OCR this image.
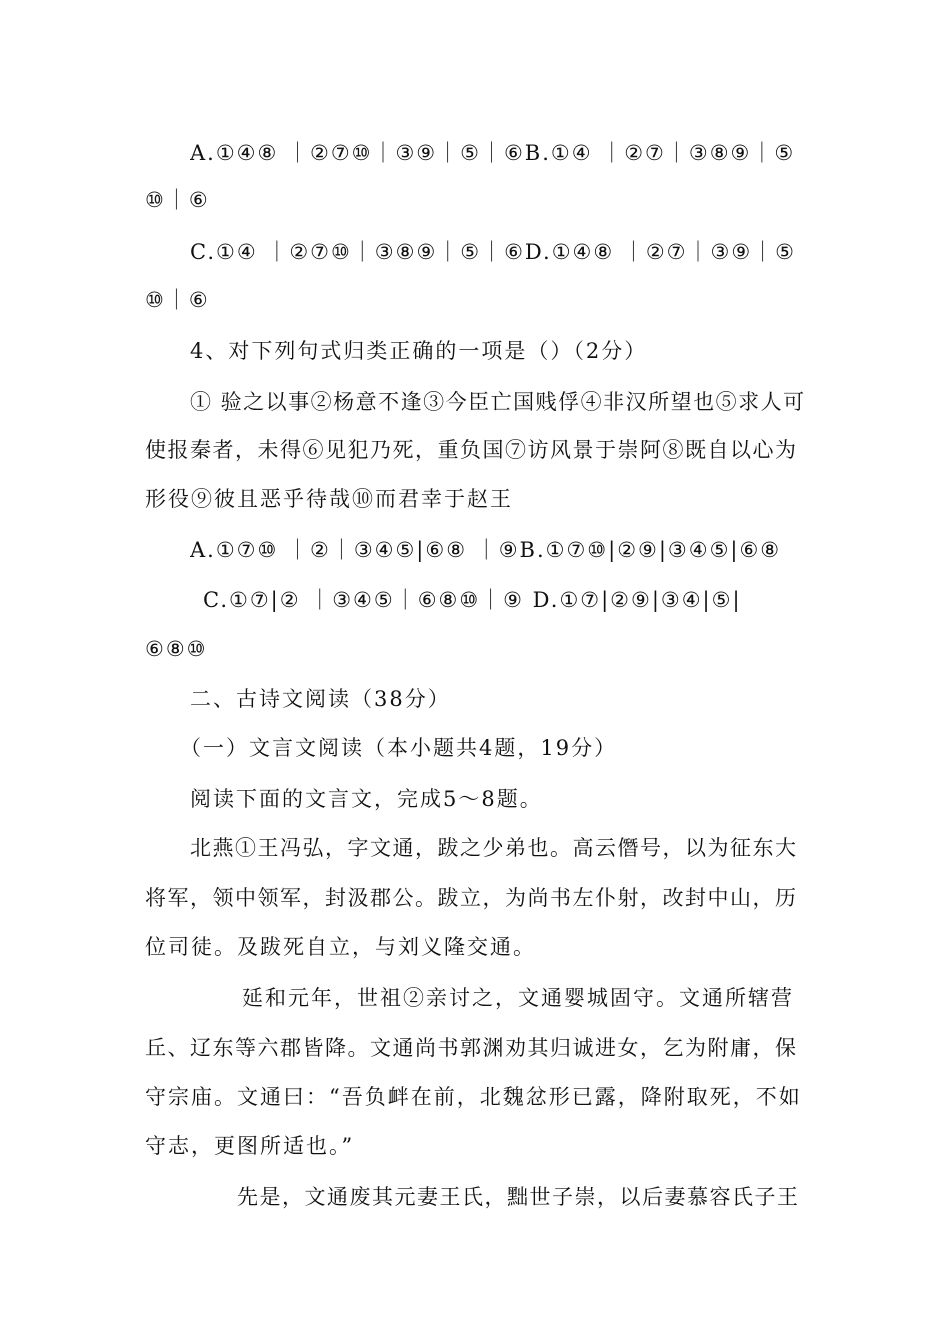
A.①④⑧ ｜②⑦⑩｜③⑨｜⑤｜⑥B.①④ ｜②⑦｜③⑧⑨｜⑤
⑩｜⑥
C.①④ ｜②⑦⑩｜③⑧⑨｜⑤｜⑥D.①④⑧ ｜②⑦｜③⑨｜⑤
⑩｜⑥
4、对下列句式归类正确的一项是（）（2分）
① 验之以事②杨意不逢③今臣亡国贱俘④非汉所望也⑤求人可
使报秦者，未得⑥见犯乃死，重负国⑦访风景于崇阿⑧既自以心为
形役⑨彼且恶乎待哉⑩而君幸于赵王
A.①⑦⑩ ｜②｜③④⑤|⑥⑧ ｜⑨B.①⑦⑩|②⑨|③④⑤|⑥⑧
C.①⑦|② ｜③④⑤｜⑥⑧⑩｜⑨ D.①⑦|②⑨|③④|⑤|
⑥⑧⑩
二、古诗文阅读（38分）
（一）文言文阅读（本小题共4题，19分）
阅读下面的文言文，完成5～8题。
北燕①王冯弘，字文通，跋之少弟也。高云僭号，以为征东大
将军，领中领军，封汲郡公。跋立，为尚书左仆射，改封中山，历
位司徒。及跋死自立，与刘义隆交通。
延和元年，世祖②亲讨之，文通婴城固守。文通所辖营
丘、辽东等六郡皆降。文通尚书郭渊劝其归诚进女，乞为附庸，保
守宗庙。文通曰：“吾负衅在前，北魏忿形已露，降附取死，不如
守志，更图所适也。”
先是，文通废其元妻王氏，黜世子崇，以后妻慕容氏子王
